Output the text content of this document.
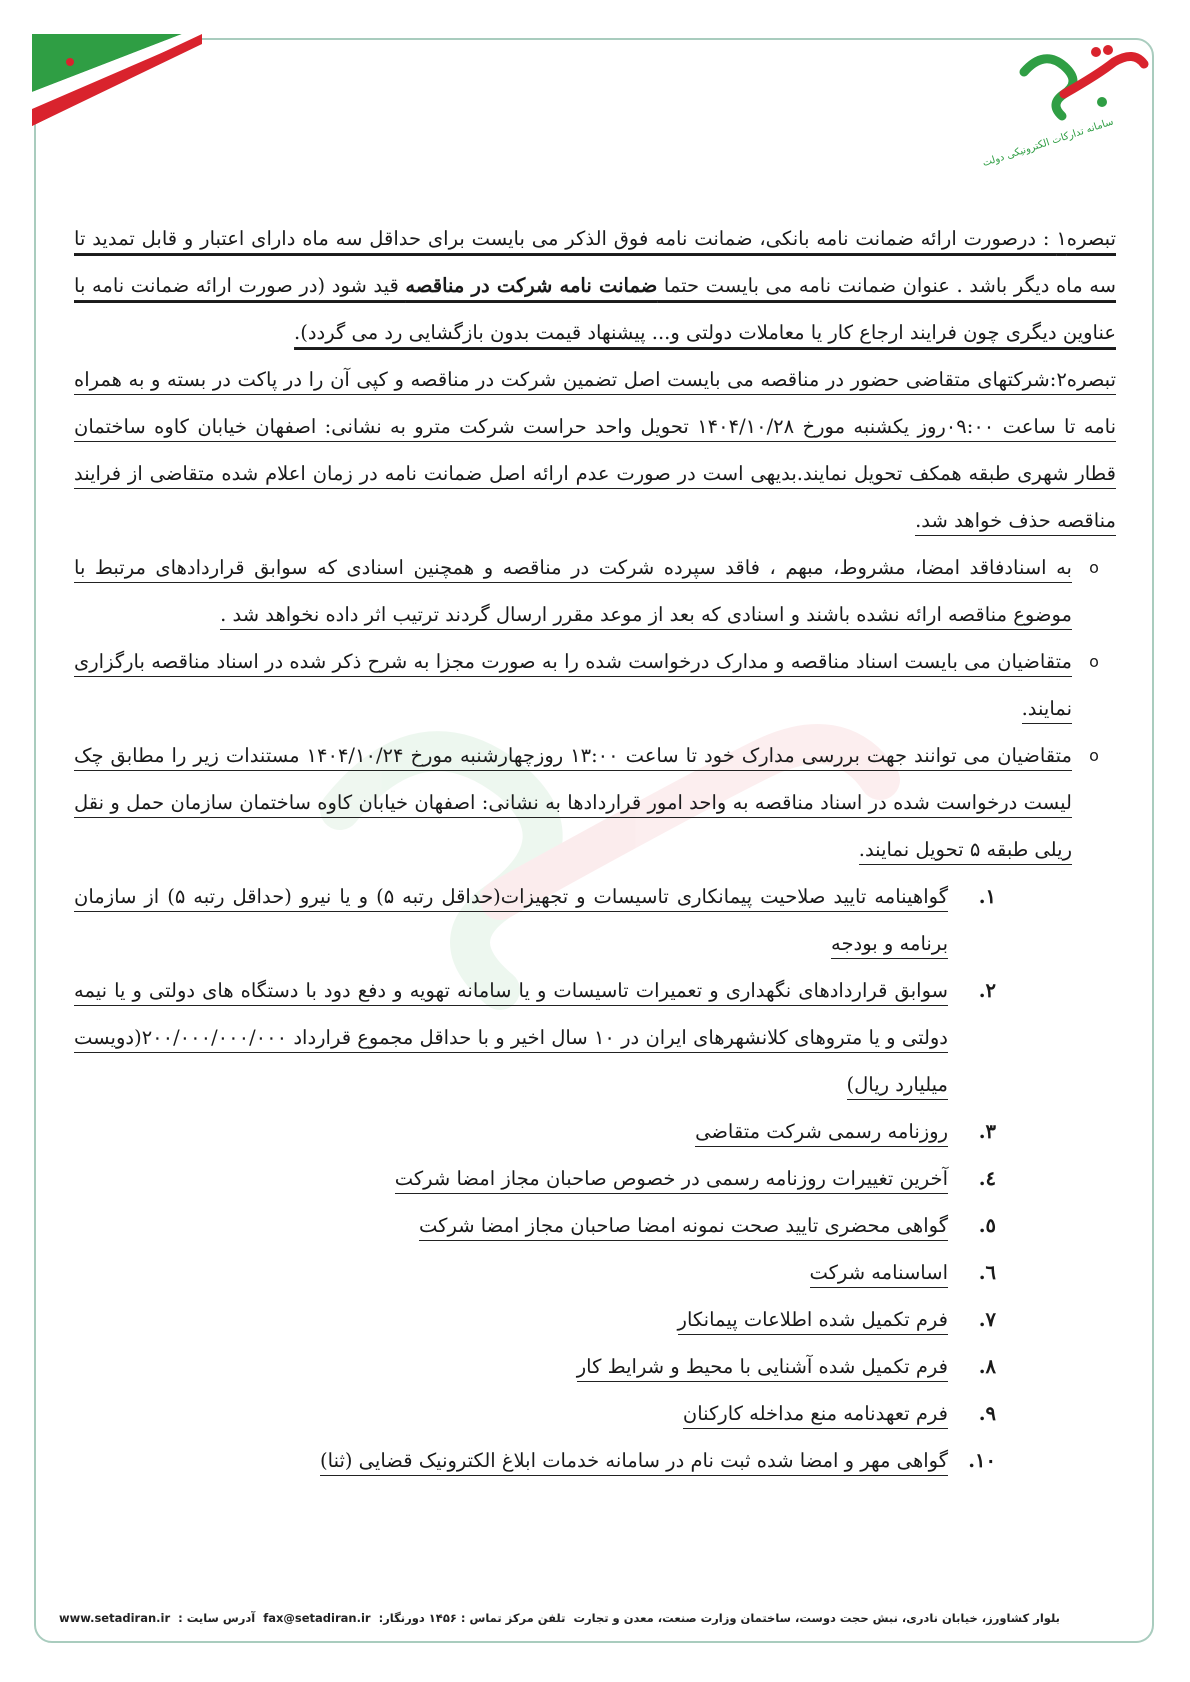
سامانه تدارکات الکترونیکی دولت

تبصره۱ : درصورت ارائه ضمانت نامه بانکی، ضمانت نامه فوق الذکر می بایست برای حداقل سه ماه دارای اعتبار و قابل تمدید تا سه ماه دیگر باشد . عنوان ضمانت نامه می بایست حتما ضمانت نامه شرکت در مناقصه قید شود (در صورت ارائه ضمانت نامه با عناوین دیگری چون فرایند ارجاع کار یا معاملات دولتی و... پیشنهاد قیمت بدون بازگشایی رد می گردد).

تبصره۲:شرکتهای متقاضی حضور در مناقصه می بایست اصل تضمین شرکت در مناقصه و کپی آن را در پاکت در بسته و به همراه نامه تا ساعت ۰۹:۰۰روز یکشنبه مورخ ۱۴۰۴/۱۰/۲۸ تحویل واحد حراست شرکت مترو به نشانی: اصفهان خیابان کاوه ساختمان قطار شهری طبقه همکف تحویل نمایند.بدیهی است در صورت عدم ارائه اصل ضمانت نامه در زمان اعلام شده متقاضی از فرایند مناقصه حذف خواهد شد.

o
به اسنادفاقد امضا، مشروط، مبهم ، فاقد سپرده شرکت در مناقصه و همچنین اسنادی که سوابق قراردادهای مرتبط با موضوع مناقصه ارائه نشده باشند و اسنادی که بعد از موعد مقرر ارسال گردند ترتیب اثر داده نخواهد شد .
o
متقاضیان می بایست اسناد مناقصه و مدارک درخواست شده را به صورت مجزا به شرح ذکر شده در اسناد مناقصه بارگزاری نمایند.
o
متقاضیان می توانند جهت بررسی مدارک خود تا ساعت ۱۳:۰۰ روزچهارشنبه مورخ ۱۴۰۴/۱۰/۲۴ مستندات زیر را مطابق چک لیست درخواست شده در اسناد مناقصه به واحد امور قراردادها به نشانی: اصفهان خیابان کاوه ساختمان سازمان حمل و نقل ریلی طبقه ۵ تحویل نمایند.
۱.
گواهینامه تایید صلاحیت پیمانکاری تاسیسات و تجهیزات(حداقل رتبه ۵) و یا نیرو (حداقل رتبه ۵) از سازمان برنامه و بودجه
۲.
سوابق قراردادهای نگهداری و تعمیرات تاسیسات و یا سامانه تهویه و دفع دود با دستگاه های دولتی و یا نیمه دولتی و یا متروهای کلانشهرهای ایران در ۱۰ سال اخیر و با حداقل مجموع قرارداد ۲۰۰/۰۰۰/۰۰۰/۰۰۰(دویست میلیارد ریال)
۳.
روزنامه رسمی شرکت متقاضی
٤.
آخرین تغییرات روزنامه رسمی در خصوص صاحبان مجاز امضا شرکت
٥.
گواهی محضری تایید صحت نمونه امضا صاحبان مجاز امضا شرکت
٦.
اساسنامه شرکت
۷.
فرم تکمیل شده اطلاعات پیمانکار
۸.
فرم تکمیل شده آشنایی با محیط و شرایط کار
۹.
فرم تعهدنامه منع مداخله کارکنان
۱۰.
گواهی مهر و امضا شده ثبت نام در سامانه خدمات ابلاغ الکترونیک قضایی (ثنا)
بلوار کشاورز، خیابان نادری، نبش حجت دوست، ساختمان وزارت صنعت، معدن و تجارت
تلفن مرکز تماس : ۱۴۵۶ دورنگار:
fax@setadiran.ir
آدرس سایت :
www.setadiran.ir
